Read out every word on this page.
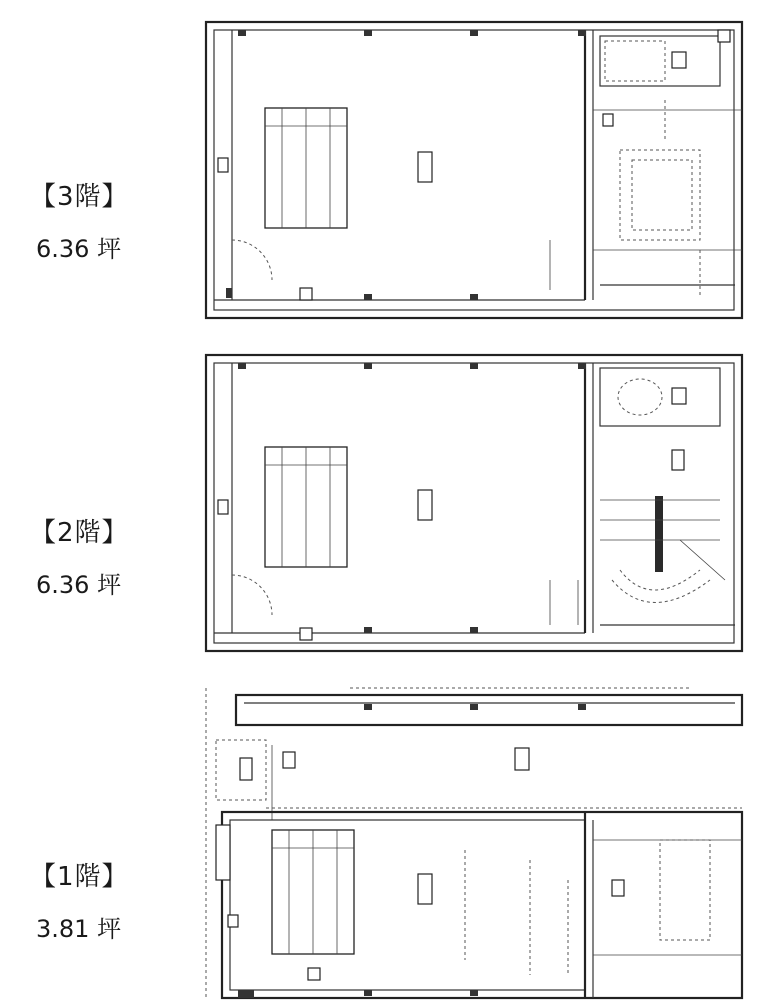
【3階】
6.36 坪
【2階】
6.36 坪
【1階】
3.81 坪
